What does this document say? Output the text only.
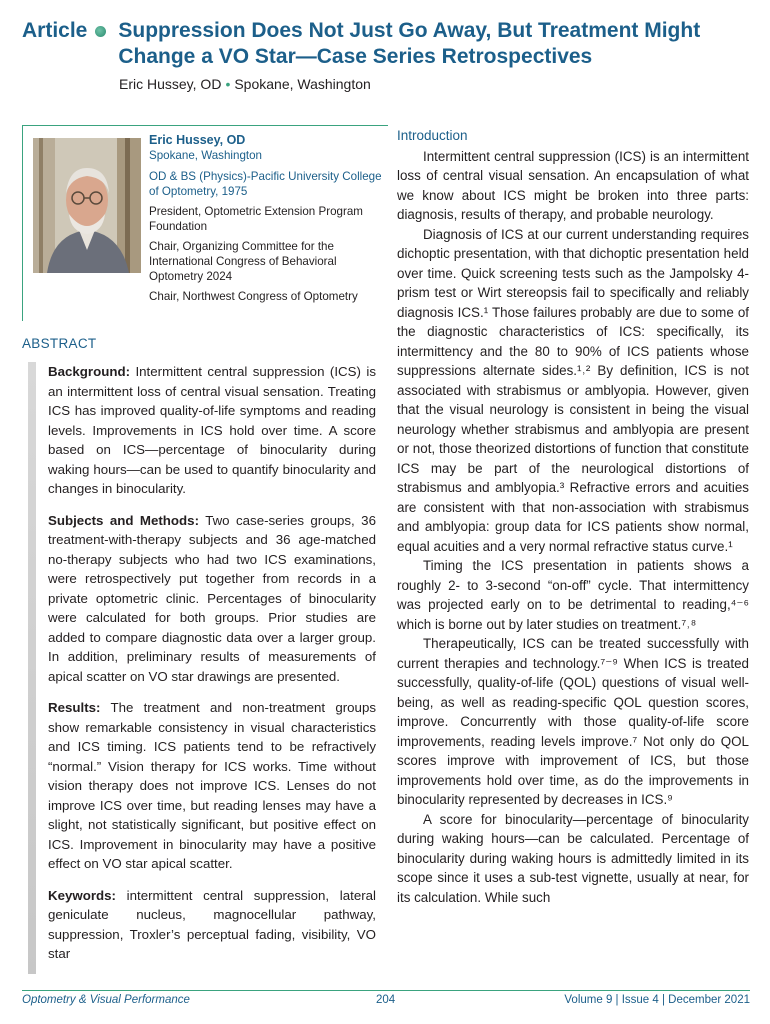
Article Suppression Does Not Just Go Away, But Treatment Might Change a VO Star—Case Series Retrospectives
Eric Hussey, OD • Spokane, Washington
Eric Hussey, OD
Spokane, Washington
OD & BS (Physics)-Pacific University College of Optometry, 1975

President, Optometric Extension Program Foundation

Chair, Organizing Committee for the International Congress of Behavioral Optometry 2024

Chair, Northwest Congress of Optometry

ABSTRACT

Background: Intermittent central suppression (ICS) is an intermittent loss of central visual sensation. Treating ICS has improved quality-of-life symptoms and reading levels. Improvements in ICS hold over time. A score based on ICS—percentage of binocularity during waking hours—can be used to quantify binocularity and changes in binocularity.

Subjects and Methods: Two case-series groups, 36 treatment-with-therapy subjects and 36 age-matched no-therapy subjects who had two ICS examinations, were retrospectively put together from records in a private optometric clinic. Percentages of binocularity were calculated for both groups. Prior studies are added to compare diagnostic data over a larger group. In addition, preliminary results of measurements of apical scatter on VO star drawings are presented.

Results: The treatment and non-treatment groups show remarkable consistency in visual characteristics and ICS timing. ICS patients tend to be refractively “normal.” Vision therapy for ICS works. Time without vision therapy does not improve ICS. Lenses do not improve ICS over time, but reading lenses may have a slight, not statistically significant, but positive effect on ICS. Improvement in binocularity may have a positive effect on VO star apical scatter.

Keywords: intermittent central suppression, lateral geniculate nucleus, magnocellular pathway, suppression, Troxler’s perceptual fading, visibility, VO star

Introduction

Intermittent central suppression (ICS) is an intermittent loss of central visual sensation. An encapsulation of what we know about ICS might be broken into three parts: diagnosis, results of therapy, and probable neurology.

Diagnosis of ICS at our current understanding requires dichoptic presentation, with that dichoptic presentation held over time. Quick screening tests such as the Jampolsky 4-prism test or Wirt stereopsis fail to specifically and reliably diagnosis ICS.¹ Those failures probably are due to some of the diagnostic characteristics of ICS: specifically, its intermittency and the 80 to 90% of ICS patients whose suppressions alternate sides.¹˒² By definition, ICS is not associated with strabismus or amblyopia. However, given that the visual neurology is consistent in being the visual neurology whether strabismus and amblyopia are present or not, those theorized distortions of function that constitute ICS may be part of the neurological distortions of strabismus and amblyopia.³ Refractive errors and acuities are consistent with that non-association with strabismus and amblyopia: group data for ICS patients show normal, equal acuities and a very normal refractive status curve.¹

Timing the ICS presentation in patients shows a roughly 2- to 3-second “on-off” cycle. That intermittency was projected early on to be detrimental to reading,⁴⁻⁶ which is borne out by later studies on treatment.⁷˒⁸

Therapeutically, ICS can be treated successfully with current therapies and technology.⁷⁻⁹ When ICS is treated successfully, quality-of-life (QOL) questions of visual well-being, as well as reading-specific QOL question scores, improve. Concurrently with those quality-of-life score improvements, reading levels improve.⁷ Not only do QOL scores improve with improvement of ICS, but those improvements hold over time, as do the improvements in binocularity represented by decreases in ICS.⁹

A score for binocularity—percentage of binocularity during waking hours—can be calculated. Percentage of binocularity during waking hours is admittedly limited in its scope since it uses a sub-test vignette, usually at near, for its calculation. While such

Optometry & Visual Performance	204	Volume 9 | Issue 4 | December 2021
